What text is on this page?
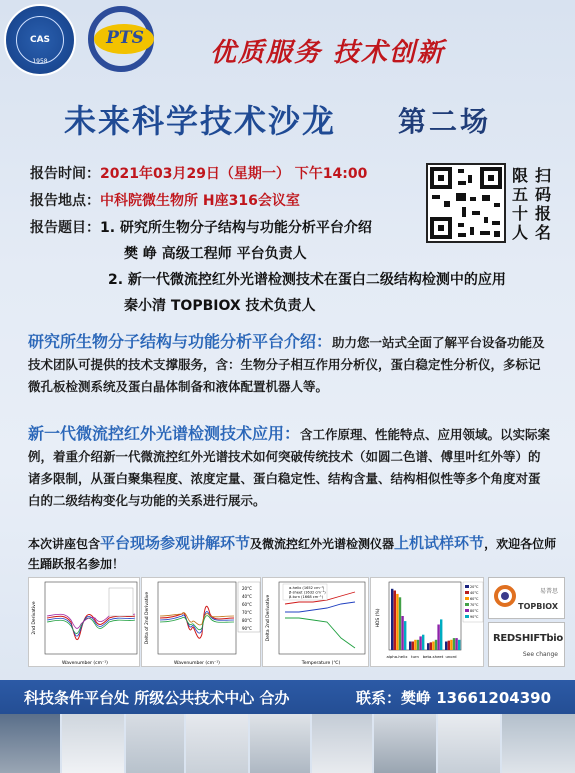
CAS
1958
PTS	优质服务 技术创新
未来科学技术沙龙 第二场
报告时间：2021年03月29日（星期一） 下午14:00
报告地点：中科院微生物所 H座316会议室
报告题目：1. 研究所生物分子结构与功能分析平台介绍
樊 峥 高级工程师 平台负责人
2. 新一代微流控红外光谱检测技术在蛋白二级结构检测中的应用
秦小清 TOPBIOX 技术负责人
限 扫
五 码
十 报
人 名
研究所生物分子结构与功能分析平台介绍：助力您一站式全面了解平台设备功能及技术团队可提供的技术支撑服务，含：生物分子相互作用分析仪，蛋白稳定性分析仪，多标记微孔板检测系统及蛋白晶体制备和液体配置机器人等。
新一代微流控红外光谱检测技术应用：含工作原理、性能特点、应用领域。以实际案例，着重介绍新一代微流控红外光谱技术如何突破传统技术（如圆二色谱、傅里叶红外等）的诸多限制，从蛋白聚集程度、浓度定量、蛋白稳定性、结构含量、结构相似性等多个角度对蛋白的二级结构变化与功能的关系进行展示。
本次讲座包含平台现场参观讲解环节及微流控红外光谱检测仪器上机试样环节，欢迎各位师生踊跃报名参加！
Wavenumber (cm⁻¹)
2nd Derivative
20°C
40°C
60°C
70°C
80°C
90°C
Wavenumber (cm⁻¹)
Delta of 2nd Derivative
α-helix (1652 cm⁻¹)
β-sheet (1632 cm⁻¹)
β-turn (1668 cm⁻¹)
Temperature (℃)
Delta 2nd Derivative	HOS (%)
alpha-helix turn beta-sheet unord
20°C
40°C
60°C
70°C
80°C
90°C
易普思
TOPBIOX
REDSHIFTbio
See change
科技条件平台处 所级公共技术中心 合办	联系：樊峥 13661204390
